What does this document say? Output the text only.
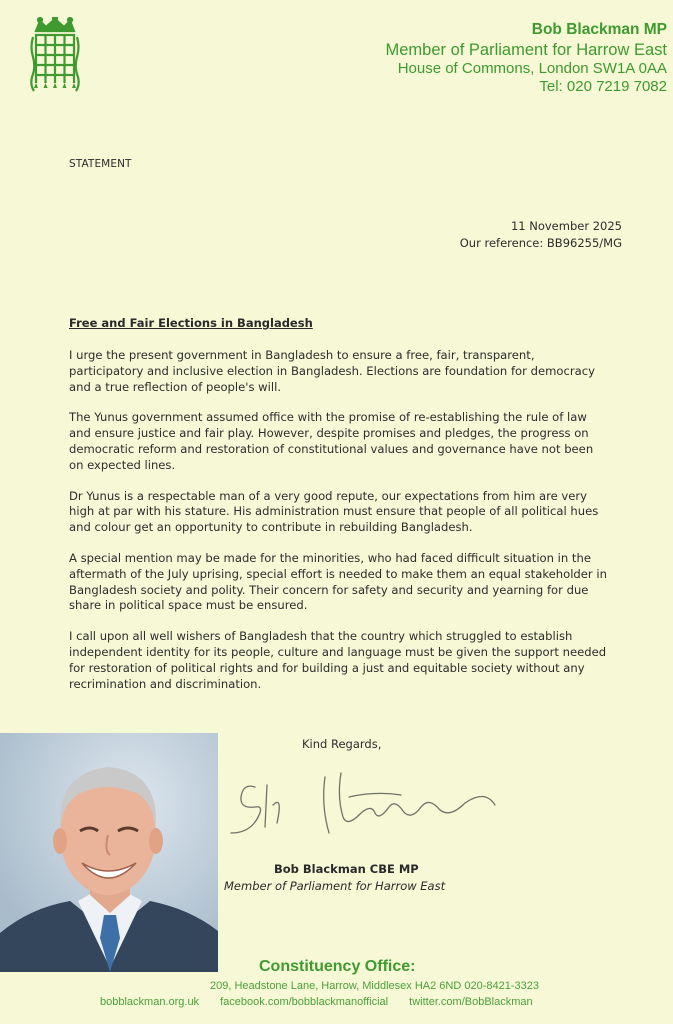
Bob Blackman MP
Member of Parliament for Harrow East
House of Commons, London SW1A 0AA
Tel: 020 7219 7082
STATEMENT
11 November 2025
Our reference: BB96255/MG
Free and Fair Elections in Bangladesh

I urge the present government in Bangladesh to ensure a free, fair, transparent,
participatory and inclusive election in Bangladesh. Elections are foundation for democracy
and a true reflection of people's will.

The Yunus government assumed office with the promise of re-establishing the rule of law
and ensure justice and fair play. However, despite promises and pledges, the progress on
democratic reform and restoration of constitutional values and governance have not been
on expected lines.

Dr Yunus is a respectable man of a very good repute, our expectations from him are very
high at par with his stature. His administration must ensure that people of all political hues
and colour get an opportunity to contribute in rebuilding Bangladesh.

A special mention may be made for the minorities, who had faced difficult situation in the
aftermath of the July uprising, special effort is needed to make them an equal stakeholder in
Bangladesh society and polity. Their concern for safety and security and yearning for due
share in political space must be ensured.

I call upon all well wishers of Bangladesh that the country which struggled to establish
independent identity for its people, culture and language must be given the support needed
for restoration of political rights and for building a just and equitable society without any
recrimination and discrimination.

Kind Regards,
Bob Blackman CBE MP
Member of Parliament for Harrow East
Constituency Office:
209, Headstone Lane, Harrow, Middlesex HA2 6ND 020-8421-3323
bobblackman.org.uk facebook.com/bobblackmanofficial twitter.com/BobBlackman
